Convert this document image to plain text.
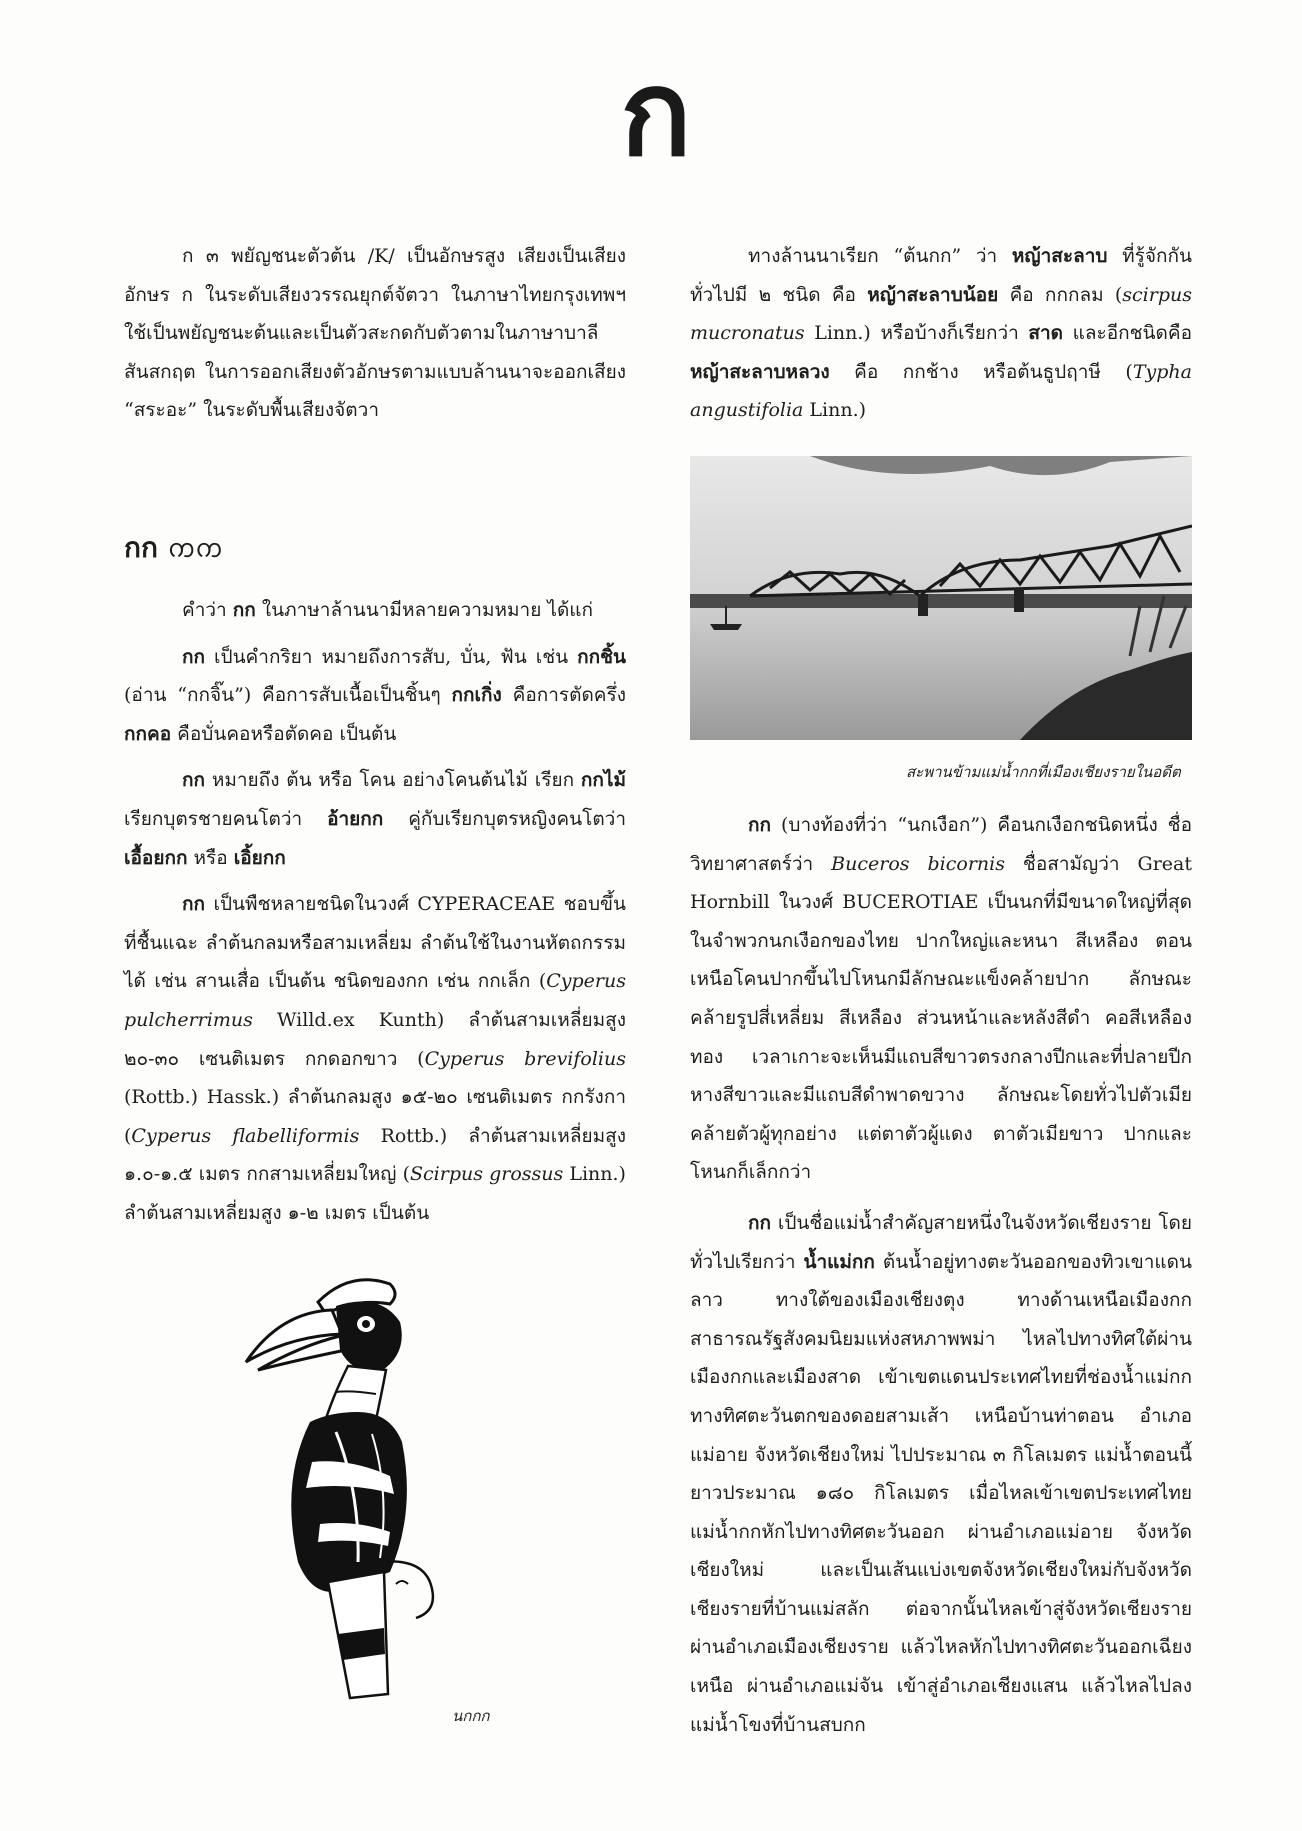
ก

ก ๓ พยัญชนะตัวต้น /K/ เป็นอักษรสูง เสียงเป็นเสียงอักษร ก ในระดับเสียงวรรณยุกต์จัตวา ในภาษาไทยกรุงเทพฯ ใช้เป็นพยัญชนะต้นและเป็นตัวสะกดกับตัวตามในภาษาบาลีสันสกฤต ในการออกเสียงตัวอักษรตามแบบล้านนาจะออกเสียง “สระอะ” ในระดับพื้นเสียงจัตวา

กก ᨠᨠ

คำว่า กก ในภาษาล้านนามีหลายความหมาย ได้แก่

กก เป็นคำกริยา หมายถึงการสับ, บั่น, ฟัน เช่น กกชิ้น (อ่าน “กกจิ๊น”) คือการสับเนื้อเป็นชิ้นๆ กกเกิ่ง คือการตัดครึ่ง กกคอ คือบั่นคอหรือตัดคอ เป็นต้น

กก หมายถึง ต้น หรือ โคน อย่างโคนต้นไม้ เรียก กกไม้ เรียกบุตรชายคนโตว่า อ้ายกก คู่กับเรียกบุตรหญิงคนโตว่า เอื้อยกก หรือ เอิ้ยกก

กก เป็นพืชหลายชนิดในวงศ์ CYPERACEAE ชอบขึ้นที่ชื้นแฉะ ลำต้นกลมหรือสามเหลี่ยม ลำต้นใช้ในงานหัตถกรรมได้ เช่น สานเสื่อ เป็นต้น ชนิดของกก เช่น กกเล็ก (Cyperus pulcherrimus Willd.ex Kunth) ลำต้นสามเหลี่ยมสูง ๒๐-๓๐ เซนติเมตร กกดอกขาว (Cyperus brevifolius (Rottb.) Hassk.) ลำต้นกลมสูง ๑๕-๒๐ เซนติเมตร กกรังกา (Cyperus flabelliformis Rottb.) ลำต้นสามเหลี่ยมสูง ๑.๐-๑.๕ เมตร กกสามเหลี่ยมใหญ่ (Scirpus grossus Linn.) ลำต้นสามเหลี่ยมสูง ๑-๒ เมตร เป็นต้น

นกกก

ทางล้านนาเรียก “ต้นกก” ว่า หญ้าสะลาบ ที่รู้จักกันทั่วไปมี ๒ ชนิด คือ หญ้าสะลาบน้อย คือ กกกลม (scirpus mucronatus Linn.) หรือบ้างก็เรียกว่า สาด และอีกชนิดคือ หญ้าสะลาบหลวง คือ กกช้าง หรือต้นธูปฤาษี (Typha angustifolia Linn.)

สะพานข้ามแม่น้ำกกที่เมืองเชียงรายในอดีต

กก (บางท้องที่ว่า “นกเงือก”) คือนกเงือกชนิดหนึ่ง ชื่อวิทยาศาสตร์ว่า Buceros bicornis ชื่อสามัญว่า Great Hornbill ในวงศ์ BUCEROTIAE เป็นนกที่มีขนาดใหญ่ที่สุดในจำพวกนกเงือกของไทย ปากใหญ่และหนา สีเหลือง ตอนเหนือโคนปากขึ้นไปโหนกมีลักษณะแข็งคล้ายปาก ลักษณะคล้ายรูปสี่เหลี่ยม สีเหลือง ส่วนหน้าและหลังสีดำ คอสีเหลืองทอง เวลาเกาะจะเห็นมีแถบสีขาวตรงกลางปีกและที่ปลายปีก หางสีขาวและมีแถบสีดำพาดขวาง ลักษณะโดยทั่วไปตัวเมียคล้ายตัวผู้ทุกอย่าง แต่ตาตัวผู้แดง ตาตัวเมียขาว ปากและโหนกก็เล็กกว่า

กก เป็นชื่อแม่น้ำสำคัญสายหนึ่งในจังหวัดเชียงราย โดยทั่วไปเรียกว่า น้ำแม่กก ต้นน้ำอยู่ทางตะวันออกของทิวเขาแดนลาว ทางใต้ของเมืองเชียงตุง ทางด้านเหนือเมืองกก สาธารณรัฐสังคมนิยมแห่งสหภาพพม่า ไหลไปทางทิศใต้ผ่านเมืองกกและเมืองสาด เข้าเขตแดนประเทศไทยที่ช่องน้ำแม่กก ทางทิศตะวันตกของดอยสามเส้า เหนือบ้านท่าตอน อำเภอแม่อาย จังหวัดเชียงใหม่ ไปประมาณ ๓ กิโลเมตร แม่น้ำตอนนี้ยาวประมาณ ๑๘๐ กิโลเมตร เมื่อไหลเข้าเขตประเทศไทยแม่น้ำกกหักไปทางทิศตะวันออก ผ่านอำเภอแม่อาย จังหวัดเชียงใหม่ และเป็นเส้นแบ่งเขตจังหวัดเชียงใหม่กับจังหวัดเชียงรายที่บ้านแม่สลัก ต่อจากนั้นไหลเข้าสู่จังหวัดเชียงราย ผ่านอำเภอเมืองเชียงราย แล้วไหลหักไปทางทิศตะวันออกเฉียงเหนือ ผ่านอำเภอแม่จัน เข้าสู่อำเภอเชียงแสน แล้วไหลไปลงแม่น้ำโขงที่บ้านสบกก
